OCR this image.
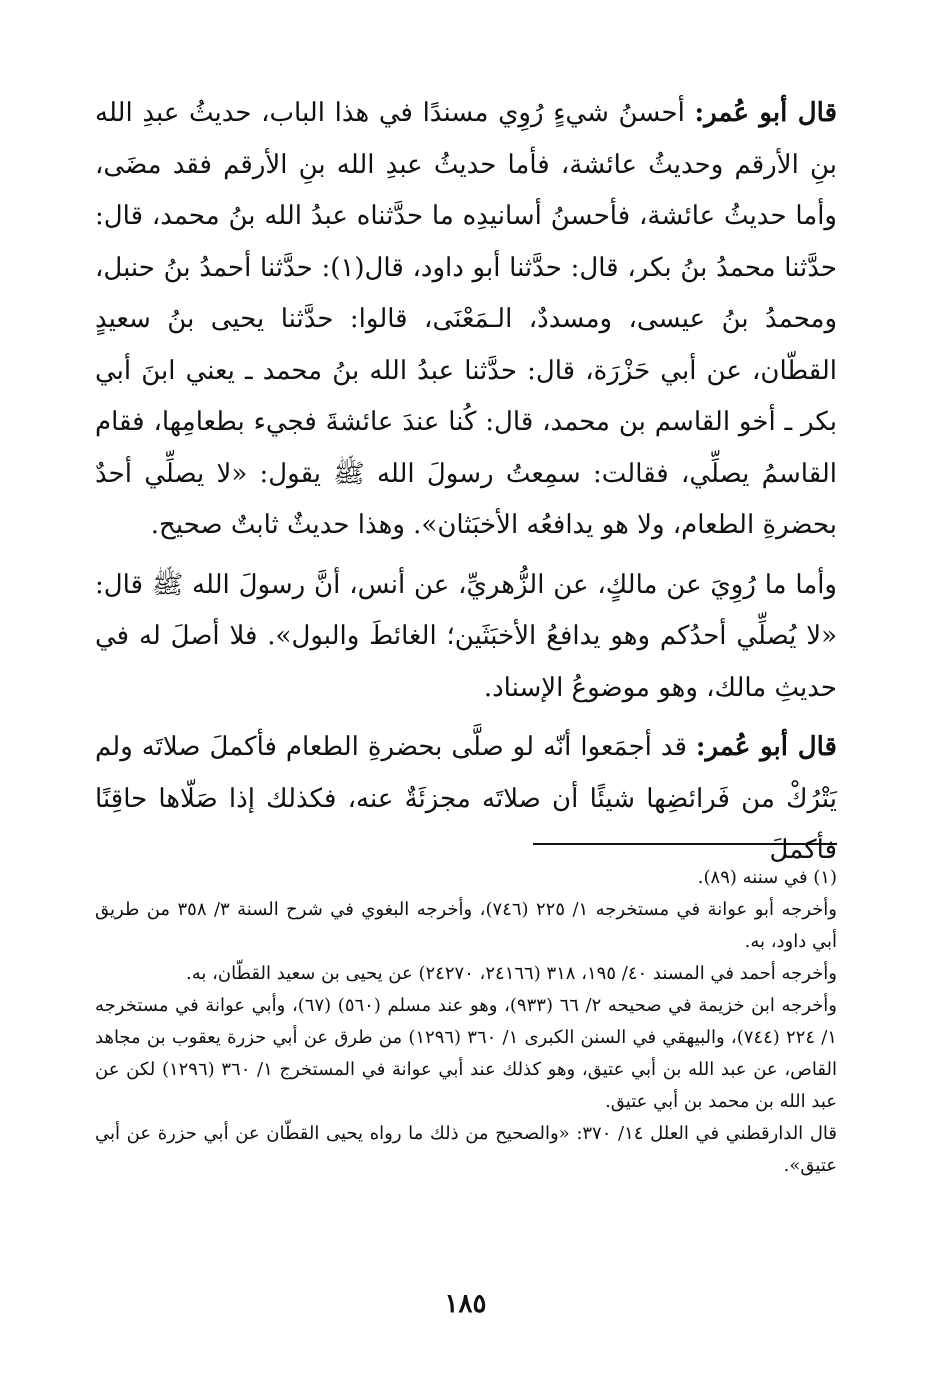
قال أبو عُمر: أحسنُ شيءٍ رُوِي مسندًا في هذا الباب، حديثُ عبدِ الله بنِ الأرقم وحديثُ عائشة، فأما حديثُ عبدِ الله بنِ الأرقم فقد مضَى، وأما حديثُ عائشة، فأحسنُ أسانيدِه ما حدَّثناه عبدُ الله بنُ محمد، قال: حدَّثنا محمدُ بنُ بكر، قال: حدَّثنا أبو داود، قال(١): حدَّثنا أحمدُ بنُ حنبل، ومحمدُ بنُ عيسى، ومسددٌ، الـمَعْنَى، قالوا: حدَّثنا يحيى بنُ سعيدٍ القطّان، عن أبي حَزْرَة، قال: حدَّثنا عبدُ الله بنُ محمد ـ يعني ابنَ أبي بكر ـ أخو القاسم بن محمد، قال: كُنا عندَ عائشةَ فجيء بطعامِها، فقام القاسمُ يصلِّي، فقالت: سمِعتُ رسولَ الله ﷺ يقول: «لا يصلِّي أحدٌ بحضرةِ الطعام، ولا هو يدافعُه الأخبَثان». وهذا حديثٌ ثابتٌ صحيح.

وأما ما رُوِيَ عن مالكٍ، عن الزُّهريِّ، عن أنس، أنَّ رسولَ الله ﷺ قال: «لا يُصلِّي أحدُكم وهو يدافعُ الأخبَثَين؛ الغائطَ والبول». فلا أصلَ له في حديثِ مالك، وهو موضوعُ الإسناد.

قال أبو عُمر: قد أجمَعوا أنّه لو صلَّى بحضرةِ الطعام فأكملَ صلاتَه ولم يَتْرُكْ من فَرائضِها شيئًا أن صلاتَه مجزئَةٌ عنه، فكذلك إذا صَلّاها حاقِنًا فأكملَ

(١) في سننه (٨٩).

وأخرجه أبو عوانة في مستخرجه ١/ ٢٢٥ (٧٤٦)، وأخرجه البغوي في شرح السنة ٣/ ٣٥٨ من طريق أبي داود، به.

وأخرجه أحمد في المسند ٤٠/ ١٩٥، ٣١٨ (٢٤١٦٦، ٢٤٢٧٠) عن يحيى بن سعيد القطّان، به.

وأخرجه ابن خزيمة في صحيحه ٢/ ٦٦ (٩٣٣)، وهو عند مسلم (٥٦٠) (٦٧)، وأبي عوانة في مستخرجه ١/ ٢٢٤ (٧٤٤)، والبيهقي في السنن الكبرى ١/ ٣٦٠ (١٢٩٦) من طرق عن أبي حزرة يعقوب بن مجاهد القاص، عن عبد الله بن أبي عتيق، وهو كذلك عند أبي عوانة في المستخرج ١/ ٣٦٠ (١٢٩٦) لكن عن عبد الله بن محمد بن أبي عتيق.

قال الدارقطني في العلل ١٤/ ٣٧٠: «والصحيح من ذلك ما رواه يحيى القطّان عن أبي حزرة عن أبي عتيق».

١٨٥
